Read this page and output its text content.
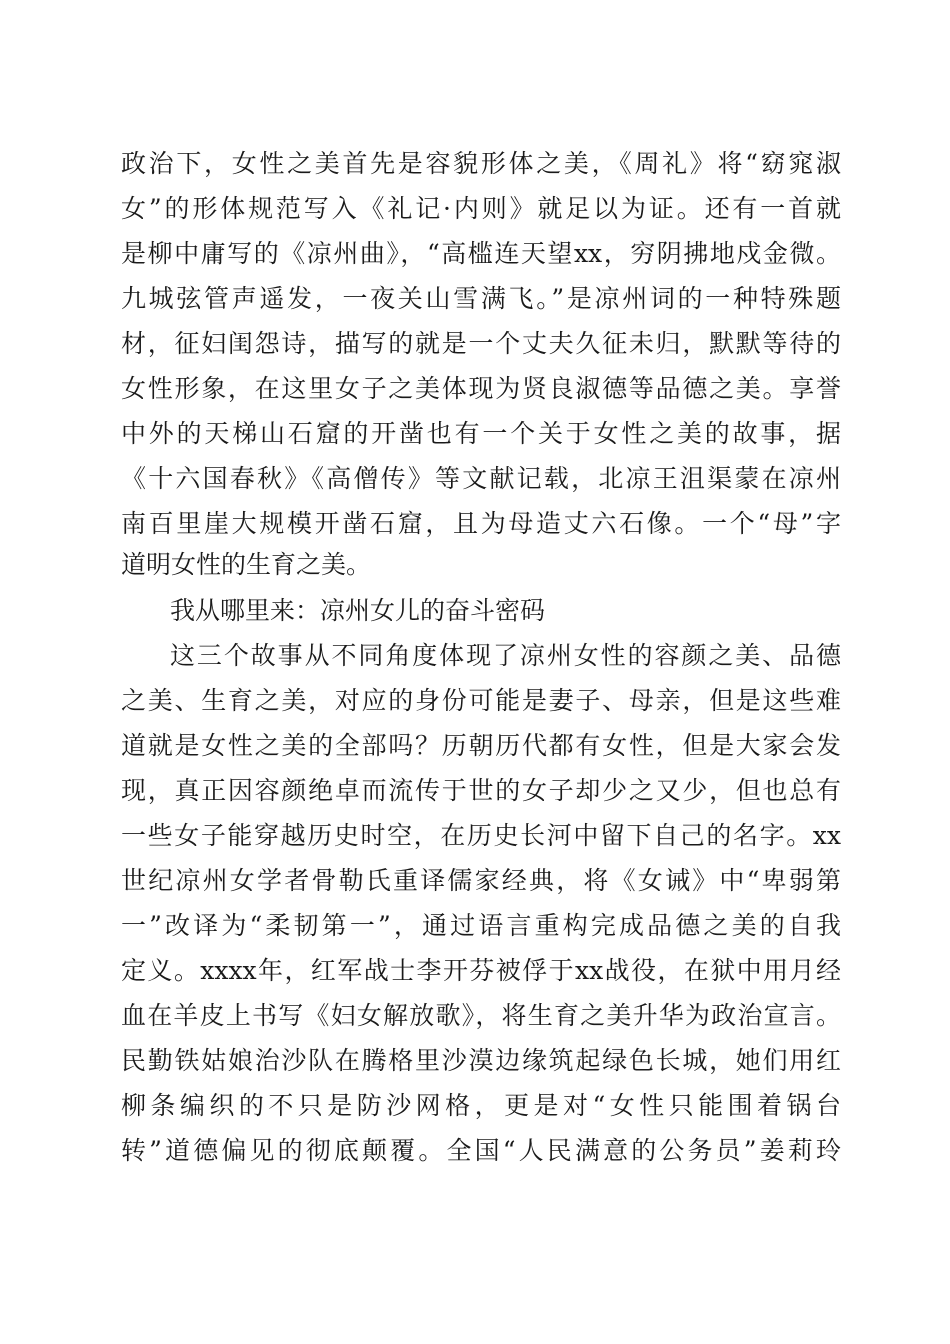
政治下，女性之美首先是容貌形体之美，《周礼》将“窈窕淑
女”的形体规范写入《礼记·内则》就足以为证。还有一首就
是柳中庸写的《凉州曲》，“高槛连天望xx，穷阴拂地戍金微。
九城弦管声遥发，一夜关山雪满飞。”是凉州词的一种特殊题
材，征妇闺怨诗，描写的就是一个丈夫久征未归，默默等待的
女性形象，在这里女子之美体现为贤良淑德等品德之美。享誉
中外的天梯山石窟的开凿也有一个关于女性之美的故事，据
《十六国春秋》《高僧传》等文献记载，北凉王沮渠蒙在凉州
南百里崖大规模开凿石窟，且为母造丈六石像。一个“母”字
道明女性的生育之美。
我从哪里来：凉州女儿的奋斗密码
这三个故事从不同角度体现了凉州女性的容颜之美、品德
之美、生育之美，对应的身份可能是妻子、母亲，但是这些难
道就是女性之美的全部吗？历朝历代都有女性，但是大家会发
现，真正因容颜绝卓而流传于世的女子却少之又少，但也总有
一些女子能穿越历史时空，在历史长河中留下自己的名字。xx
世纪凉州女学者骨勒氏重译儒家经典，将《女诫》中“卑弱第
一”改译为“柔韧第一”，通过语言重构完成品德之美的自我
定义。xxxx年，红军战士李开芬被俘于xx战役，在狱中用月经
血在羊皮上书写《妇女解放歌》，将生育之美升华为政治宣言。
民勤铁姑娘治沙队在腾格里沙漠边缘筑起绿色长城，她们用红
柳条编织的不只是防沙网格，更是对“女性只能围着锅台
转”道德偏见的彻底颠覆。全国“人民满意的公务员”姜莉玲
